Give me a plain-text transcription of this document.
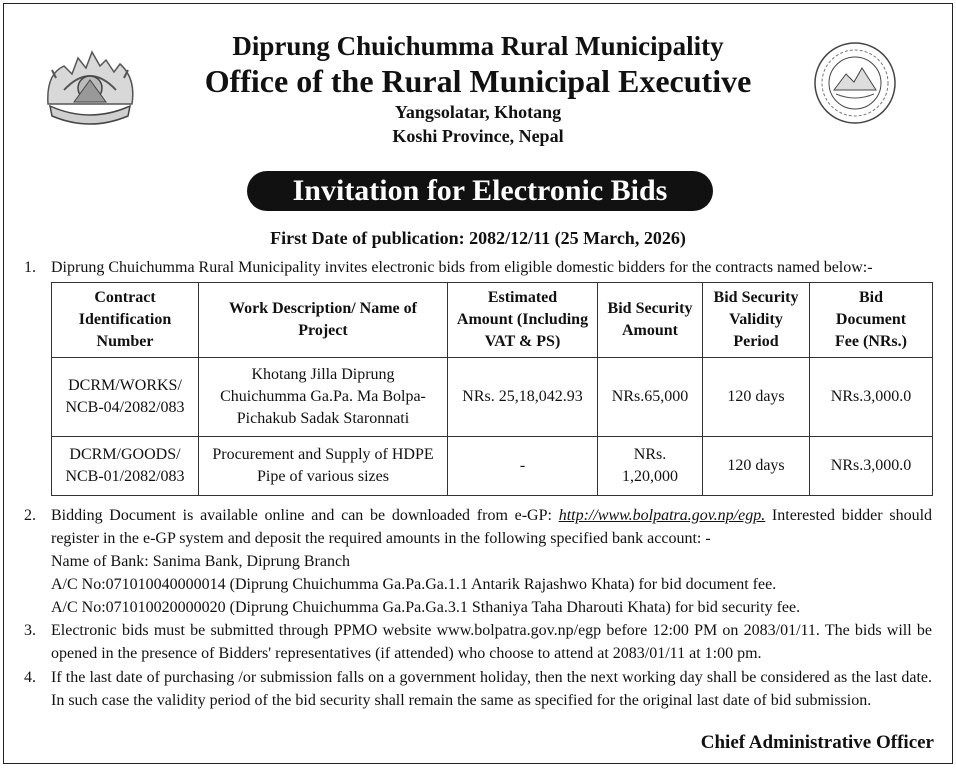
Diprung Chuichumma Rural Municipality
Office of the Rural Municipal Executive
Yangsolatar, Khotang
Koshi Province, Nepal
Invitation for Electronic Bids
First Date of publication: 2082/12/11 (25 March, 2026)
1. Diprung Chuichumma Rural Municipality invites electronic bids from eligible domestic bidders for the contracts named below:-
Contract
Identification
Number	Work Description/ Name of
Project	Estimated
Amount (Including
VAT & PS)	Bid Security
Amount	Bid Security
Validity
Period	Bid
Document
Fee (NRs.)
DCRM/WORKS/
NCB-04/2082/083	Khotang Jilla Diprung
Chuichumma Ga.Pa. Ma Bolpa-
Pichakub Sadak Staronnati	NRs. 25,18,042.93	NRs.65,000	120 days	NRs.3,000.0
DCRM/GOODS/
NCB-01/2082/083	Procurement and Supply of HDPE
Pipe of various sizes	-	NRs.
1,20,000	120 days	NRs.3,000.0
2. Bidding Document is available online and can be downloaded from e-GP: http://www.bolpatra.gov.np/egp. Interested bidder should register in the e-GP system and deposit the required amounts in the following specified bank account: -
Name of Bank: Sanima Bank, Diprung Branch
A/C No:071010040000014 (Diprung Chuichumma Ga.Pa.Ga.1.1 Antarik Rajashwo Khata) for bid document fee.
A/C No:071010020000020 (Diprung Chuichumma Ga.Pa.Ga.3.1 Sthaniya Taha Dharouti Khata) for bid security fee.
3. Electronic bids must be submitted through PPMO website www.bolpatra.gov.np/egp before 12:00 PM on 2083/01/11. The bids will be opened in the presence of Bidders' representatives (if attended) who choose to attend at 2083/01/11 at 1:00 pm.
4. If the last date of purchasing /or submission falls on a government holiday, then the next working day shall be considered as the last date. In such case the validity period of the bid security shall remain the same as specified for the original last date of bid submission.
Chief Administrative Officer
